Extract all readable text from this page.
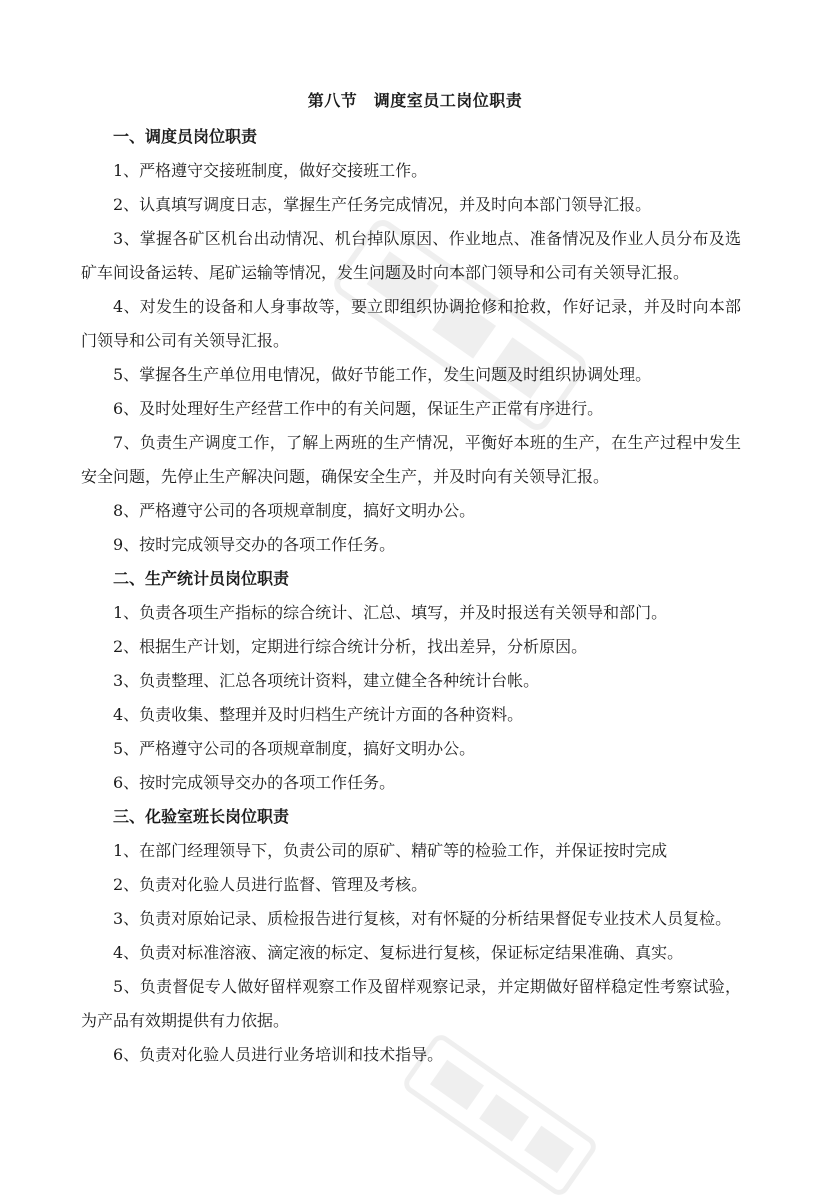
第八节　调度室员工岗位职责

一、调度员岗位职责

1、严格遵守交接班制度，做好交接班工作。

2、认真填写调度日志，掌握生产任务完成情况，并及时向本部门领导汇报。

3、掌握各矿区机台出动情况、机台掉队原因、作业地点、准备情况及作业人员分布及选矿车间设备运转、尾矿运输等情况，发生问题及时向本部门领导和公司有关领导汇报。

4、对发生的设备和人身事故等，要立即组织协调抢修和抢救，作好记录，并及时向本部门领导和公司有关领导汇报。

5、掌握各生产单位用电情况，做好节能工作，发生问题及时组织协调处理。

6、及时处理好生产经营工作中的有关问题，保证生产正常有序进行。

7、负责生产调度工作，了解上两班的生产情况，平衡好本班的生产，在生产过程中发生安全问题，先停止生产解决问题，确保安全生产，并及时向有关领导汇报。

8、严格遵守公司的各项规章制度，搞好文明办公。

9、按时完成领导交办的各项工作任务。

二、生产统计员岗位职责

1、负责各项生产指标的综合统计、汇总、填写，并及时报送有关领导和部门。

2、根据生产计划，定期进行综合统计分析，找出差异，分析原因。

3、负责整理、汇总各项统计资料，建立健全各种统计台帐。

4、负责收集、整理并及时归档生产统计方面的各种资料。

5、严格遵守公司的各项规章制度，搞好文明办公。

6、按时完成领导交办的各项工作任务。

三、化验室班长岗位职责

1、在部门经理领导下，负责公司的原矿、精矿等的检验工作，并保证按时完成

2、负责对化验人员进行监督、管理及考核。

3、负责对原始记录、质检报告进行复核，对有怀疑的分析结果督促专业技术人员复检。

4、负责对标准溶液、滴定液的标定、复标进行复核，保证标定结果准确、真实。

5、负责督促专人做好留样观察工作及留样观察记录，并定期做好留样稳定性考察试验，为产品有效期提供有力依据。

6、负责对化验人员进行业务培训和技术指导。
